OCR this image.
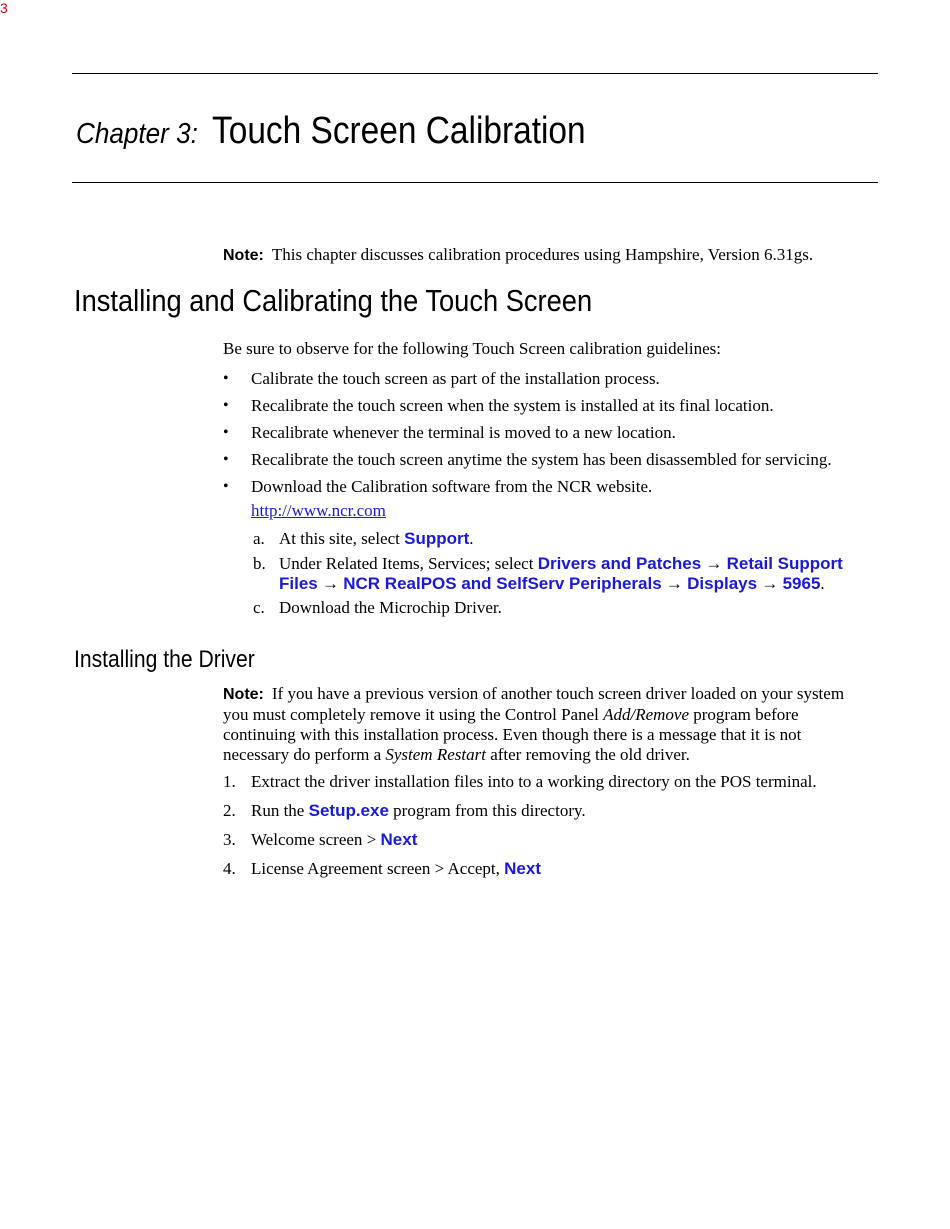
3
Chapter 3: Touch Screen Calibration
Note: This chapter discusses calibration procedures using Hampshire, Version 6.31gs.
Installing and Calibrating the Touch Screen
Be sure to observe for the following Touch Screen calibration guidelines:
• Calibrate the touch screen as part of the installation process.
• Recalibrate the touch screen when the system is installed at its final location.
• Recalibrate whenever the terminal is moved to a new location.
• Recalibrate the touch screen anytime the system has been disassembled for servicing.
• Download the Calibration software from the NCR website.
http://www.ncr.com
a. At this site, select Support.
b. Under Related Items, Services; select Drivers and Patches → Retail Support
Files → NCR RealPOS and SelfServ Peripherals → Displays → 5965.
c. Download the Microchip Driver.
Installing the Driver
Note: If you have a previous version of another touch screen driver loaded on your system
you must completely remove it using the Control Panel Add/Remove program before
continuing with this installation process. Even though there is a message that it is not
necessary do perform a System Restart after removing the old driver.
1. Extract the driver installation files into to a working directory on the POS terminal.
2. Run the Setup.exe program from this directory.
3. Welcome screen > Next
4. License Agreement screen > Accept, Next
